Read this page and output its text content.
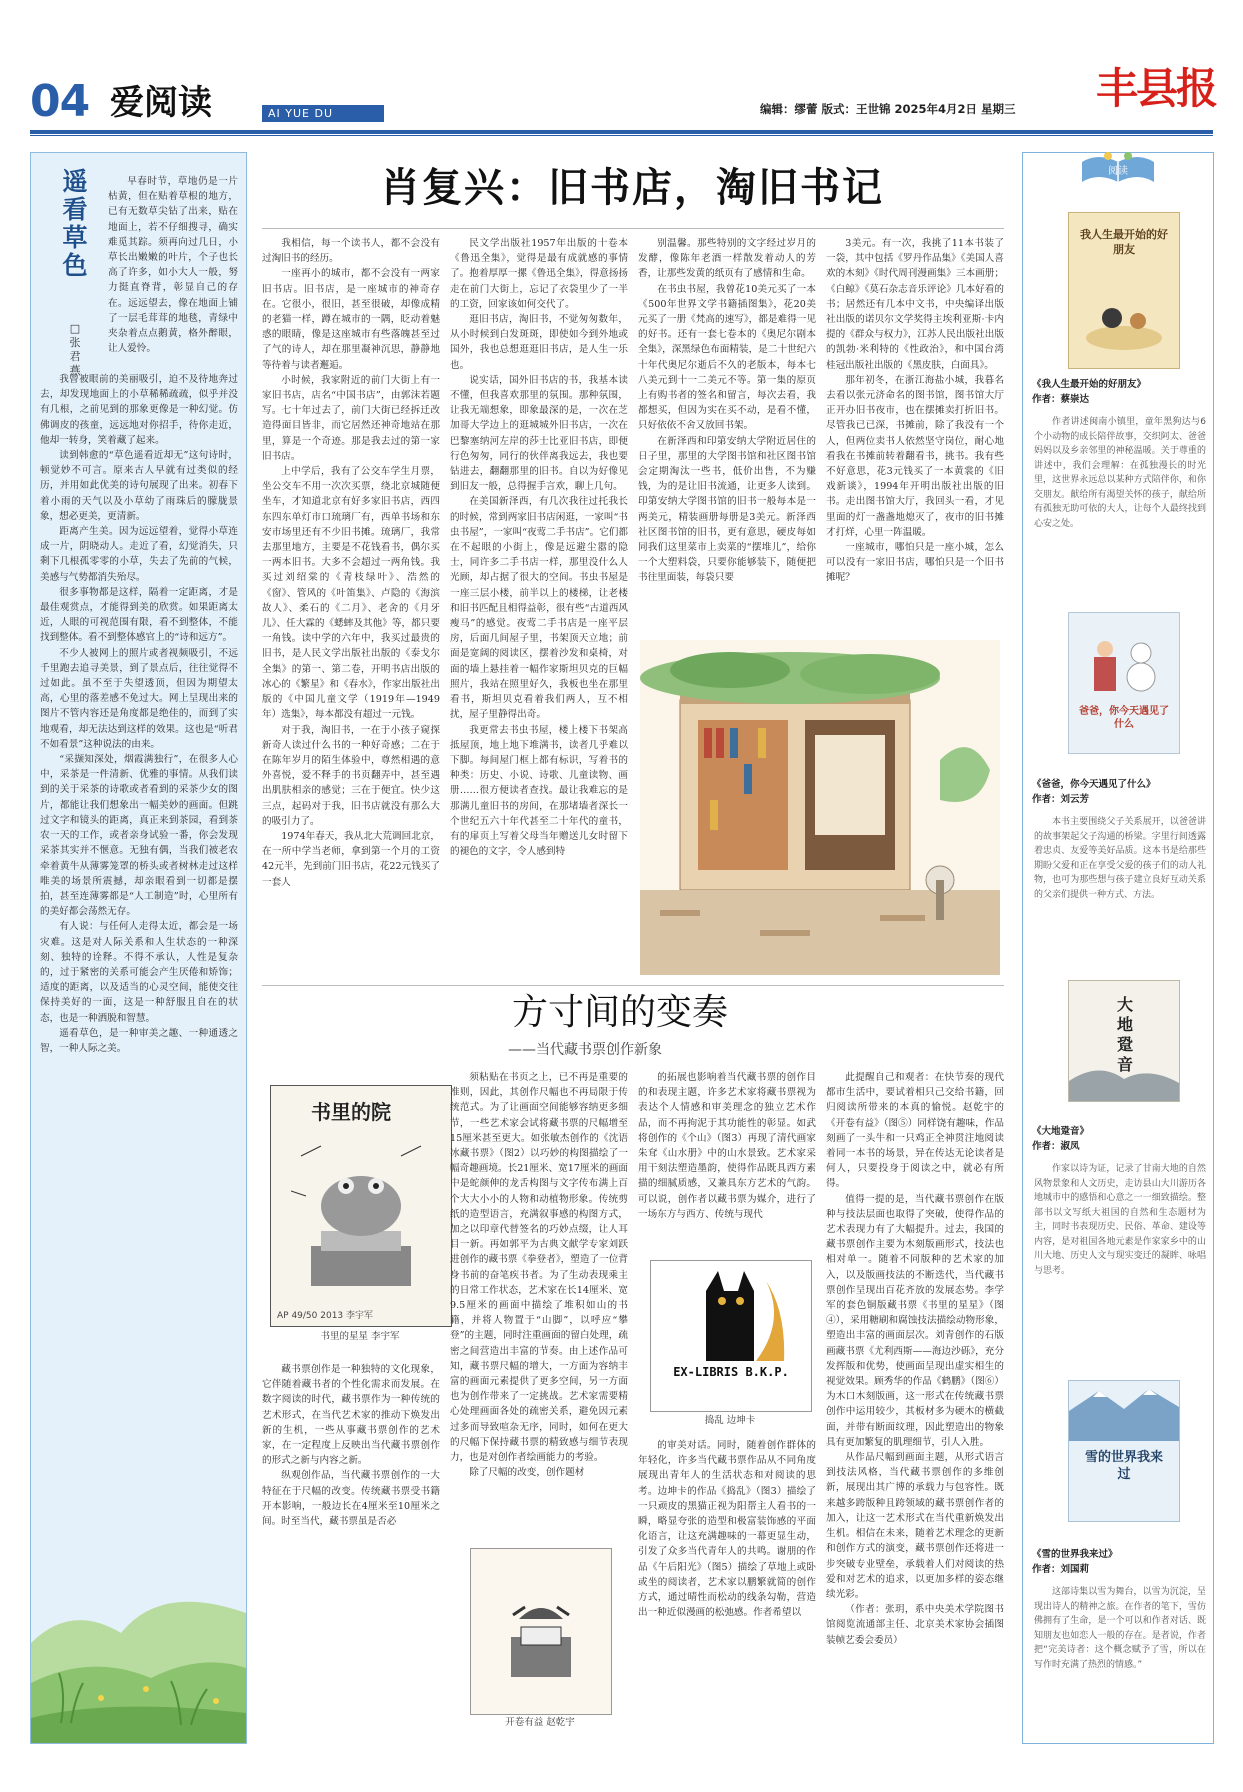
04 爱阅读	AI YUE DU	编辑：缪蕾 版式：王世锦 2025年4月2日 星期三 丰县报
遥看草色
□张君燕

早春时节，草地仍是一片枯黄，但在贴着草根的地方，已有无数草尖钻了出来，贴在地面上，若不仔细搜寻，确实难觅其踪。须再向过几日，小草长出嫩嫩的叶片，个子也长高了许多，如小大人一般，努力挺直脊背，彰显自己的存在。远远望去，像在地面上铺了一层毛茸茸的地毯，青绿中夹杂着点点鹅黄，格外醉眼，让人爱怜。

我曾被眼前的美丽吸引，迫不及待地奔过去，却发现地面上的小草稀稀疏疏，似乎并没有几根，之前见到的那象更像是一种幻觉。仿佛调皮的孩童，远远地对你招手，待你走近，他却一转身，笑着藏了起来。

读到韩愈的“草色遥看近却无”这句诗时，顿觉妙不可言。原来古人早就有过类似的经历，并用如此优美的诗句展现了出来。初春下着小雨的天气以及小草幼了雨珠后的朦胧景象，想必更美，更清新。

距离产生美。因为远远望着，觉得小草连成一片，阴晓动人。走近了看，幻觉消失，只剩下几根孤零零的小草，失去了先前的气候，美感与气势都消失殆尽。

很多事物都是这样，隔着一定距离，才是最佳观赏点，才能得到美的欣赏。如果距离太近，人眼的可视范围有限，看不到整体，不能找到整体。看不到整体感官上的“诗和远方”。

不少人被网上的照片或者视频吸引，不远千里跑去追寻美景，到了景点后，往往觉得不过如此。虽不至于失望透顶，但因为期望太高，心里的落差感不免过大。网上呈现出来的图片不管内容还是角度都是绝佳的，而到了实地观看，却无法达到这样的效果。这也是“听君不如看景”这种说法的由来。

“采撷知深处，烟霞满独行”，在很多人心中，采茶是一件清新、优雅的事情。从我们读到的关于采茶的诗歌或者看到的采茶少女的图片，都能让我们想象出一幅美妙的画面。但跳过文字和镜头的距离，真正来到茶园，看到茶农一天的工作，或者亲身试验一番，你会发现采茶其实并不惬意。无独有偶，当我们被老农牵着黄牛从薄雾笼罩的桥头或者树林走过这样唯美的场景所震撼，却亲眼看到一切都是摆拍，甚至连薄雾都是“人工制造”时，心里所有的美好都会荡然无存。

有人说：与任何人走得太近，都会是一场灾难。这是对人际关系和人生状态的一种深刻、独特的诠释。不得不承认，人性是复杂的，过于紧密的关系可能会产生厌倦和矫饰；适度的距离，以及适当的心灵空间，能使交往保持美好的一面，这是一种舒服且自在的状态，也是一种洒脱和智慧。

遥看草色，是一种审美之趣、一种通透之智，一种人际之美。

肖复兴：旧书店，淘旧书记

我相信，每一个读书人，都不会没有过淘旧书的经历。

一座再小的城市，都不会没有一两家旧书店。旧书店，是一座城市的神奇存在。它很小，很旧，甚至很破，却像成精的老猫一样，蹲在城市的一隅，眨动着魅惑的眼睛，像是这座城市有些落魄甚至过了气的诗人，却在那里凝神沉思，静静地等待着与读者邂逅。

小时候，我家附近的前门大街上有一家旧书店，店名“中国书店”，由郭沫若题写。七十年过去了，前门大街已经拆迁改造得面目皆非，而它居然还神奇地站在那里，算是一个奇迹。那是我去过的第一家旧书店。

上中学后，我有了公交车学生月票，坐公交车不用一次次买票，绕北京城随便坐车，才知道北京有好多家旧书店，西四东四东单灯市口琉璃厂有，西单书场和东安市场里还有不少旧书摊。琉璃厂，我常去那里地方，主要是不花钱看书，偶尔买一两本旧书。大多不会超过一两角钱。我买过刘绍棠的《青枝绿叶》、浩然的《窗》、管风的《叶笛集》、卢隐的《海滨故人》、柔石的《二月》、老舍的《月牙儿》、任大霖的《蟋蟀及其他》等，都只要一角钱。读中学的六年中，我买过最贵的旧书，是人民文学出版社出版的《泰戈尔全集》的第一、第二卷，开明书店出版的冰心的《繁星》和《春水》，作家出版社出版的《中国儿童文学（1919年—1949年）选集》，每本都没有超过一元钱。

对于我，淘旧书，一在于小孩子窥探新奇人读过什么书的一种好奇感；二在于在陈年岁月的陌生体验中，尊然相遇的意外喜悦，爱不释手的书页翻弄中，甚至遇出肌肤相亲的感觉；三在于便宜。快少这三点，起码对于我，旧书店就没有那么大的吸引力了。

1974年春天，我从北大荒调回北京，在一所中学当老师，拿到第一个月的工资42元半，先到前门旧书店，花22元钱买了一套人

民文学出版社1957年出版的十卷本《鲁迅全集》，觉得是最有成就感的事情了。抱着厚厚一摞《鲁迅全集》，得意扬扬走在前门大街上，忘记了衣袋里少了一半的工资，回家该如何交代了。

逛旧书店，淘旧书，不觉匆匆数年，从小时候到白发斑斑，即使如今到外地或国外，我也总想逛逛旧书店，是人生一乐也。

说实话，国外旧书店的书，我基本读不懂，但我喜欢那里的氛围。那种氛围，让我无端想象，即象最深的是，一次在芝加哥大学边上的逛城城外旧书店，一次在巴黎塞纳河左岸的莎士比亚旧书店，即便行色匆匆，同行的伙伴离我远去，我也要钻进去，翻翻那里的旧书。自以为好像见到旧友一般，总得握手言欢，聊上几句。

在美国新泽西，有几次我往过托我长的时候，常到两家旧书店闲逛，一家叫“书虫书屋”，一家叫“夜莺二手书店”。它们都在不起眼的小街上，像是远避尘嚣的隐士，同许多二手书店一样，那里没什么人光顾，却占据了很大的空间。书虫书屋是一座三层小楼，前半以上的楼梯，让老楼和旧书匹配且相得益彰，很有些“古道西风瘦马”的感觉。夜莺二手书店是一座平层房，后面几间屋子里，书架顶天立地；前面是宽阔的阅读区，摆着沙发和桌椅，对面的墙上悬挂着一幅作家斯坦贝克的巨幅照片，我站在照里好久，我板也坐在那里看书，斯坦贝克看着我们两人，互不相扰，屋子里静得出奇。

我更常去书虫书屋，楼上楼下书架高抵屋顶，地上地下堆满书，读者几乎难以下脚。每间屋门框上都有标识，写着书的种类：历史、小说、诗歌、儿童读物、画册……很方便读者查找。最让我难忘的是那满儿童旧书的房间，在那堵墙者深长一个世纪五六十年代甚至二十年代的童书，有的扉页上写着父母当年赠送儿女时留下的褪色的文字，令人感到特

别温馨。那些特别的文字经过岁月的发酵，像陈年老酒一样散发着动人的芳香，让那些发黄的纸页有了感情和生命。

在书虫书屋，我曾花10美元买了一本《500年世界文学书籍插图集》，花20美元买了一册《梵高的速写》，都是难得一见的好书。还有一套七卷本的《奥尼尔剧本全集》，深黑绿色布面精装，是二十世纪六十年代奥尼尔逝后不久的老版本，每本七八美元到十一二美元不等。第一集的原页上有购书者的签名和留言，每次去看，我都想买，但因为实在买不动，是看不懂，只好依依不舍又放回书架。

在新泽西和印第安纳大学附近居住的日子里，那里的大学图书馆和社区图书馆会定期淘汰一些书，低价出售，不为赚钱，为的是让旧书流通，让更多人读到。印第安纳大学图书馆的旧书一般每本是一两美元，精装画册每册是3美元。新泽西社区图书馆的旧书，更有意思，硬皮每如同我们这里菜市上卖菜的“摆堆儿”，给你一个大塑料袋，只要你能够装下，随便把书往里面装，每袋只要

3美元。有一次，我挑了11本书装了一袋，其中包括《罗丹作品集》《美国人喜欢的木刻》《时代周刊漫画集》三本画册；《白鲸》《莫石杂志音乐评论》几本好看的书；居然还有几本中文书，中央编译出版社出版的诺贝尔文学奖得主埃利亚斯·卡内提的《群众与权力》，江苏人民出版社出版的凯勃·米利特的《性政治》，和中国台湾桂冠出版社出版的《黑皮肤，白面具》。

那年初冬，在浙江海盐小城，我暮名去看以张元济命名的图书馆，图书馆大厅正开办旧书夜市，也在摆摊卖打折旧书。尽管我已已深，书摊前，除了我没有一个人，但两位卖书人依然坚守岗位，耐心地看我在书摊前转着翻看书，挑书。我有些不好意思，花3元钱买了一本黄裳的《旧戏新谈》，1994年开明出版社出版的旧书。走出图书馆大厅，我回头一看，才见里面的灯一盏盏地熄灭了，夜市的旧书摊才打烊，心里一阵温暖。

一座城市，哪怕只是一座小城，怎么可以没有一家旧书店，哪怕只是一个旧书摊呢？

方寸间的变奏
——当代藏书票创作新象
书里的院
AP 49/50 2013 李宇军
书里的星星 李宇军

藏书票创作是一种独特的文化现象，它伴随着藏书者的个性化需求而发展。在数字阅读的时代，藏书票作为一种传统的艺术形式，在当代艺术家的推动下焕发出新的生机，一些从事藏书票创作的艺术家，在一定程度上反映出当代藏书票创作的形式之新与内容之新。

纵观创作品，当代藏书票创作的一大特征在于尺幅的改变。传统藏书票受书籍开本影响，一般边长在4厘米至10厘米之间。时至当代，藏书票虽是否必

须粘贴在书页之上，已不再是重要的准则，因此，其创作尺幅也不再局限于传统范式。为了让画面空间能够容纳更多细节，一些艺术家会试将藏书票的尺幅增至15厘米甚至更大。如张敏杰创作的《沈语冰藏书票》（图2）以巧妙的构图描绘了一幅奇趣画境。长21厘米、宽17厘米的画面中是蛇颜伸的龙舌构图与文字传布满上百个大大小小的人物和动植物形象。传统剪纸的造型语言，充满叙事感的构图方式，加之以印章代替签名的巧妙点缀，让人耳目一新。再如郭平为古典文献学专家刘跃进创作的藏书票《拳登者》，塑造了一位背身书前的奋笔疾书者。为了生动表现乘主的日常工作状态，艺术家在长14厘米、宽9.5厘米的画面中描绘了堆积如山的书籍，并将人物置于“山脚”，以呼应“攀登”的主题，同时注重画面的留白处理，疏密之间营造出丰富的节奏。由上述作品可知，藏书票尺幅的增大，一方面为容纳丰富的画面元素提供了更多空间，另一方面也为创作带来了一定挑战。艺术家需要精心处理画面各处的疏密关系，避免因元素过多而导致喧杂无序，同时，如何在更大的尺幅下保持藏书票的精致感与细节表现力，也是对创作者绘画能力的考验。

除了尺幅的改变，创作题材

开卷有益 赵乾宇

的拓展也影响着当代藏书票的创作目的和表现主题，许多艺术家将藏书票视为表达个人情感和审美理念的独立艺术作品，而不再拘泥于其功能性的彰显。如武将创作的《个山》（图3）再现了清代画家朱耷《山水册》中的山水景致。艺术家采用干刻法塑造墨韵，使得作品既具西方素描的细腻质感，又兼具东方艺术的气韵。可以说，创作者以藏书票为媒介，进行了一场东方与西方、传统与现代

EX-LIBRIS B.K.P.
捣乱 边坤卡

的审美对话。同时，随着创作群体的年轻化，许多当代藏书票作品从不同角度展现出青年人的生活状态和对阅读的思考。边坤卡的作品《捣乱》（图3）描绘了一只顽皮的黑猫正视为阳帮主人看书的一瞬，略显夸张的造型和极富装饰感的平面化语言，让这充满趣味的一幕更显生动，引发了众多当代青年人的共鸣。谢朋的作品《午后阳光》（图5）描绘了草地上或卧或坐的阅读者，艺术家以鹏繁就简的创作方式，通过晴性而松动的线条勾勒，营造出一种近似漫画的松弛感。作者希望以

此提醒自己和观者：在快节奏的现代都市生活中，要试着相只己交给书籍，回归阅读所带来的本真的愉悦。赵乾宇的《开卷有益》（图⑤）同样饶有趣味，作品刻画了一头牛和一只鸡正全神贯注地阅读着同一本书的场景，异在传达无论读者是何人，只要投身于阅读之中，就必有所得。

值得一提的是，当代藏书票创作在版种与技法层面也取得了突破，使得作品的艺术表现力有了大幅提升。过去，我国的藏书票创作主要为木刻版画形式，技法也相对单一。随着不同版种的艺术家的加入，以及版画技法的不断迭代，当代藏书票创作呈现出百花齐放的发展态势。李学军的套色铜版藏书票《书里的星星》（图④），采用糖刷和腐蚀技法描绘动物形象，塑造出丰富的画面层次。刘青创作的石版画藏书票《尤利西斯——海边沙砾》，充分发挥版和优势，使画面呈现出虚实相生的视觉效果。顾秀华的作品《鹤鹏》（图⑥）为木口木刻版画，这一形式在传统藏书票创作中运用较少，其板材多为硬木的横截面，并带有断面纹理，因此塑造出的物象具有更加繁复的肌理细节，引人入胜。

从作品尺幅到画面主题，从形式语言到技法风格，当代藏书票创作的多维创新，展现出其广博的承载力与包容性。既来越多跨版种且跨领域的藏书票创作者的加入，让这一艺术形式在当代重新焕发出生机。相信在未来，随着艺术理念的更新和创作方式的演变，藏书票创作还将进一步突破专业壁垒，承载着人们对阅读的热爱和对艺术的追求，以更加多样的姿态继续光彩。

（作者：张玥，系中央美术学院图书馆阅览流通部主任、北京美术家协会插图装帧艺委会委员）

阅读
我人生最开始的好朋友
《我人生最开始的好朋友》
作者：蔡崇达

作者讲述闽南小镇里，童年黑狗达与6个小动物的成长陪伴故事，交织阿太、爸爸妈妈以及乡亲邻里的神秘温暖。关于尊重的讲述中，我们会理解：在孤独漫长的时光里，这世界永远总以某种方式陪伴你，和你交朋友。献给所有渴望关怀的孩子，献给所有孤独无助可依的大人，让每个人最终找到心安之处。

爸爸，你今天遇见了什么
《爸爸，你今天遇见了什么》
作者：刘云芳

本书主要围绕父子关系展开，以爸爸讲的故事架起父子沟通的桥梁。字里行间透露着忠贞、友爱等美好品质。这本书是给那些期盼父爱和正在享受父爱的孩子们的动人礼物，也可为那些想与孩子建立良好互动关系的父亲们提供一种方式、方法。

大地跫音
《大地跫音》
作者：淑凤

作家以诗为证，记录了甘南大地的自然风物景象和人文历史，走访县山大川游历各地城市中的感悟和心意之一一细致描绘。整部书以文写纸大祖国的自然和生态题材为主，同时书表现历史、民俗、革命、建设等内容，是对祖国各地元素是作家家乡中的山川大地、历史人文与现实变迁的凝眸、咏唱与思考。

雪的世界我来过
《雪的世界我来过》
作者：刘国莉

这部诗集以雪为舞台，以雪为沉淀，呈现出诗人的精神之旅。在作者的笔下，雪仿佛拥有了生命，是一个可以和作者对话、既知朋友也如恋人一般的存在。是者说，作者把“完美诗者：这个概念赋予了雪，所以在写作时充满了热烈的情感。”
